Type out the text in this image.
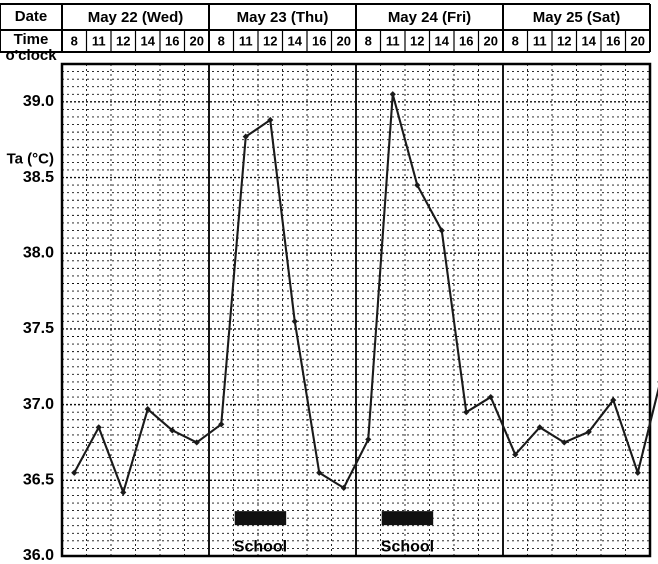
Date
Time
o'clock
May 22 (Wed)
8 11 12 14 16 20
May 23 (Thu)
8 11 12 14 16 20
May 24 (Fri)
8 11 12 14 16 20
May 25 (Sat)
8 11 12 14 16 20
School	School
36.0
36.5
37.0
37.5
38.0
38.5
39.0
Ta (°C)
